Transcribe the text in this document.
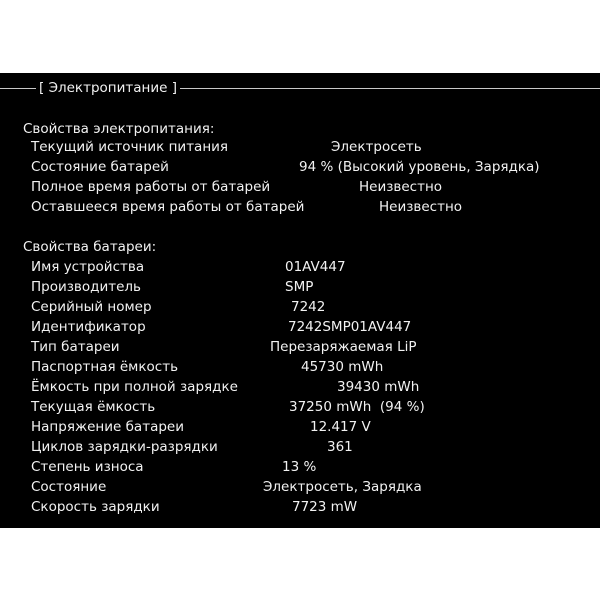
[ Электропитание ]
Свойства электропитания:
Текущий источник питания	Электросеть
Состояние батарей	94 % (Высокий уровень, Зарядка)
Полное время работы от батарей	Неизвестно
Оставшееся время работы от батарей	Неизвестно
Свойства батареи:
Имя устройства	01AV447
Производитель	SMP
Серийный номер	7242
Идентификатор	7242SMP01AV447
Тип батареи	Перезаряжаемая LiP
Паспортная ёмкость	45730 mWh
Ёмкость при полной зарядке	39430 mWh
Текущая ёмкость	37250 mWh  (94 %)
Напряжение батареи	12.417 V
Циклов зарядки-разрядки	361
Степень износа	13 %
Состояние	Электросеть, Зарядка
Скорость зарядки	7723 mW
